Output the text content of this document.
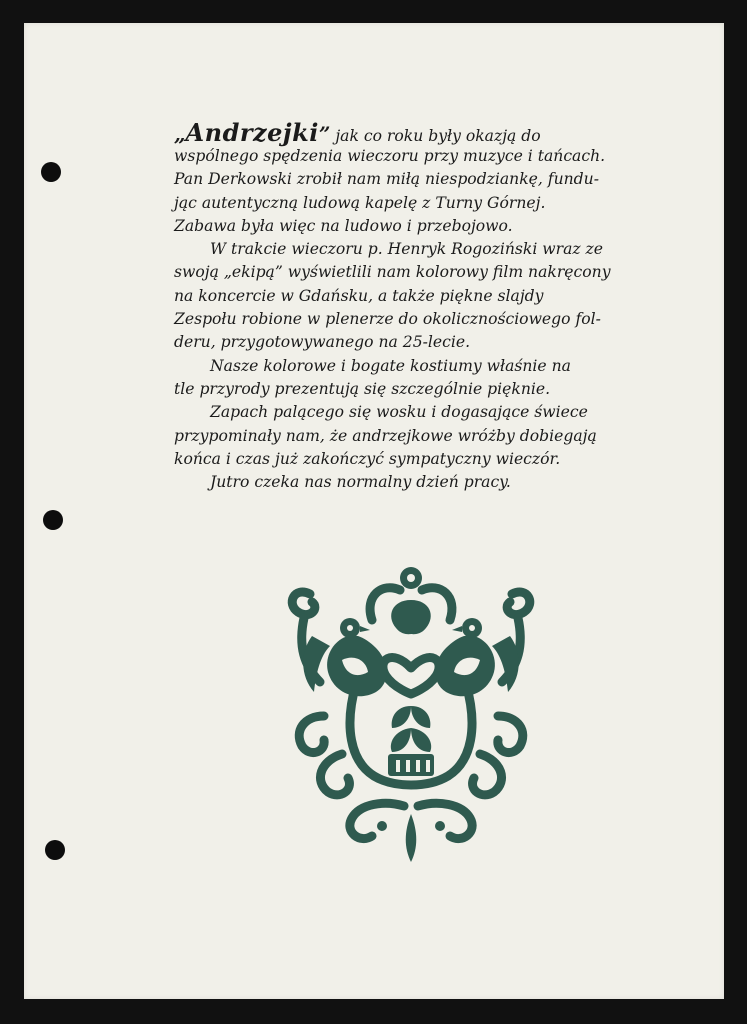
„Andrzejki” jak co roku były okazją do
wspólnego spędzenia wieczoru przy muzyce i tańcach.
Pan Derkowski zrobił nam miłą niespodziankę, fundu-
jąc autentyczną ludową kapelę z Turny Górnej.
Zabawa była więc na ludowo i przebojowo.
W trakcie wieczoru p. Henryk Rogoziński wraz ze
swoją „ekipą” wyświetlili nam kolorowy film nakręcony
na koncercie w Gdańsku, a także piękne slajdy
Zespołu robione w plenerze do okolicznościowego fol-
deru, przygotowywanego na 25-lecie.
Nasze kolorowe i bogate kostiumy właśnie na
tle przyrody prezentują się szczególnie pięknie.
Zapach palącego się wosku i dogasające świece
przypominały nam, że andrzejkowe wróżby dobiegają
końca i czas już zakończyć sympatyczny wieczór.
Jutro czeka nas normalny dzień pracy.
